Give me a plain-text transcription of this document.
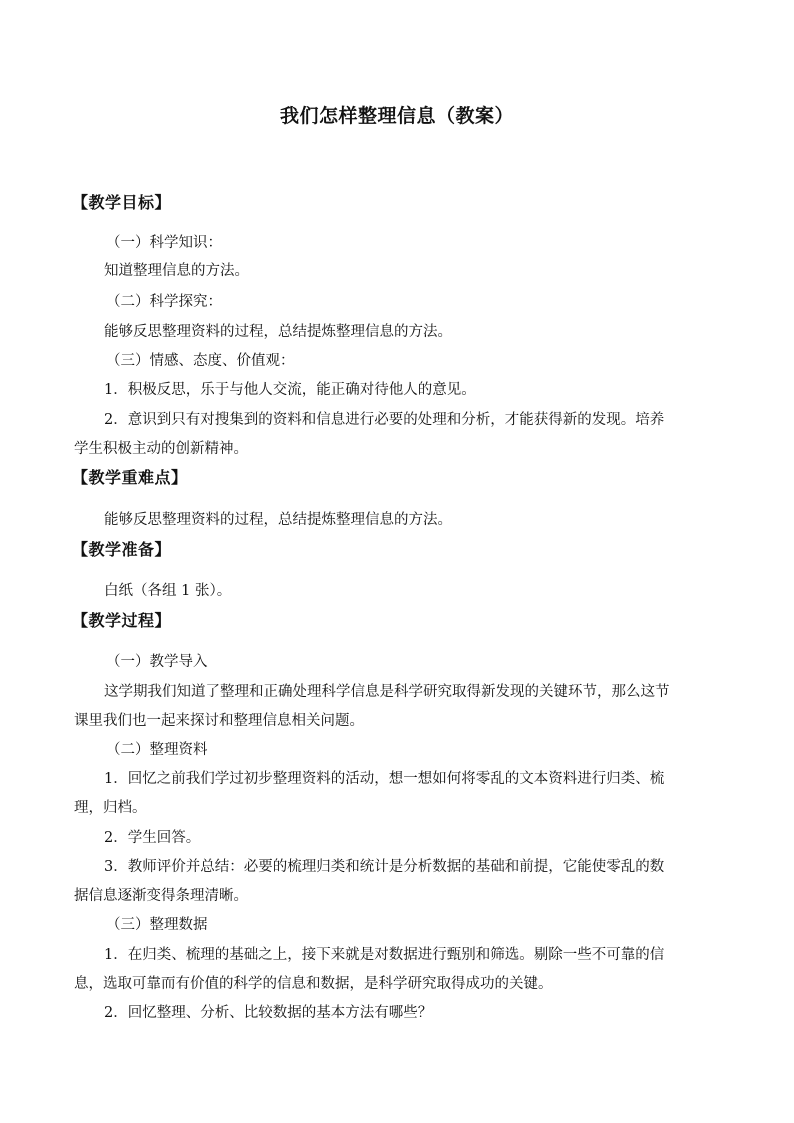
我们怎样整理信息（教案）
【教学目标】
（一）科学知识：
知道整理信息的方法。
（二）科学探究：
能够反思整理资料的过程，总结提炼整理信息的方法。
（三）情感、态度、价值观：
1．积极反思，乐于与他人交流，能正确对待他人的意见。
2．意识到只有对搜集到的资料和信息进行必要的处理和分析，才能获得新的发现。培养
学生积极主动的创新精神。
【教学重难点】
能够反思整理资料的过程，总结提炼整理信息的方法。
【教学准备】
白纸（各组 1 张）。
【教学过程】
（一）教学导入
这学期我们知道了整理和正确处理科学信息是科学研究取得新发现的关键环节，那么这节
课里我们也一起来探讨和整理信息相关问题。
（二）整理资料
1．回忆之前我们学过初步整理资料的活动，想一想如何将零乱的文本资料进行归类、梳
理，归档。
2．学生回答。
3．教师评价并总结：必要的梳理归类和统计是分析数据的基础和前提，它能使零乱的数
据信息逐渐变得条理清晰。
（三）整理数据
1．在归类、梳理的基础之上，接下来就是对数据进行甄别和筛选。剔除一些不可靠的信
息，选取可靠而有价值的科学的信息和数据，是科学研究取得成功的关键。
2．回忆整理、分析、比较数据的基本方法有哪些？
